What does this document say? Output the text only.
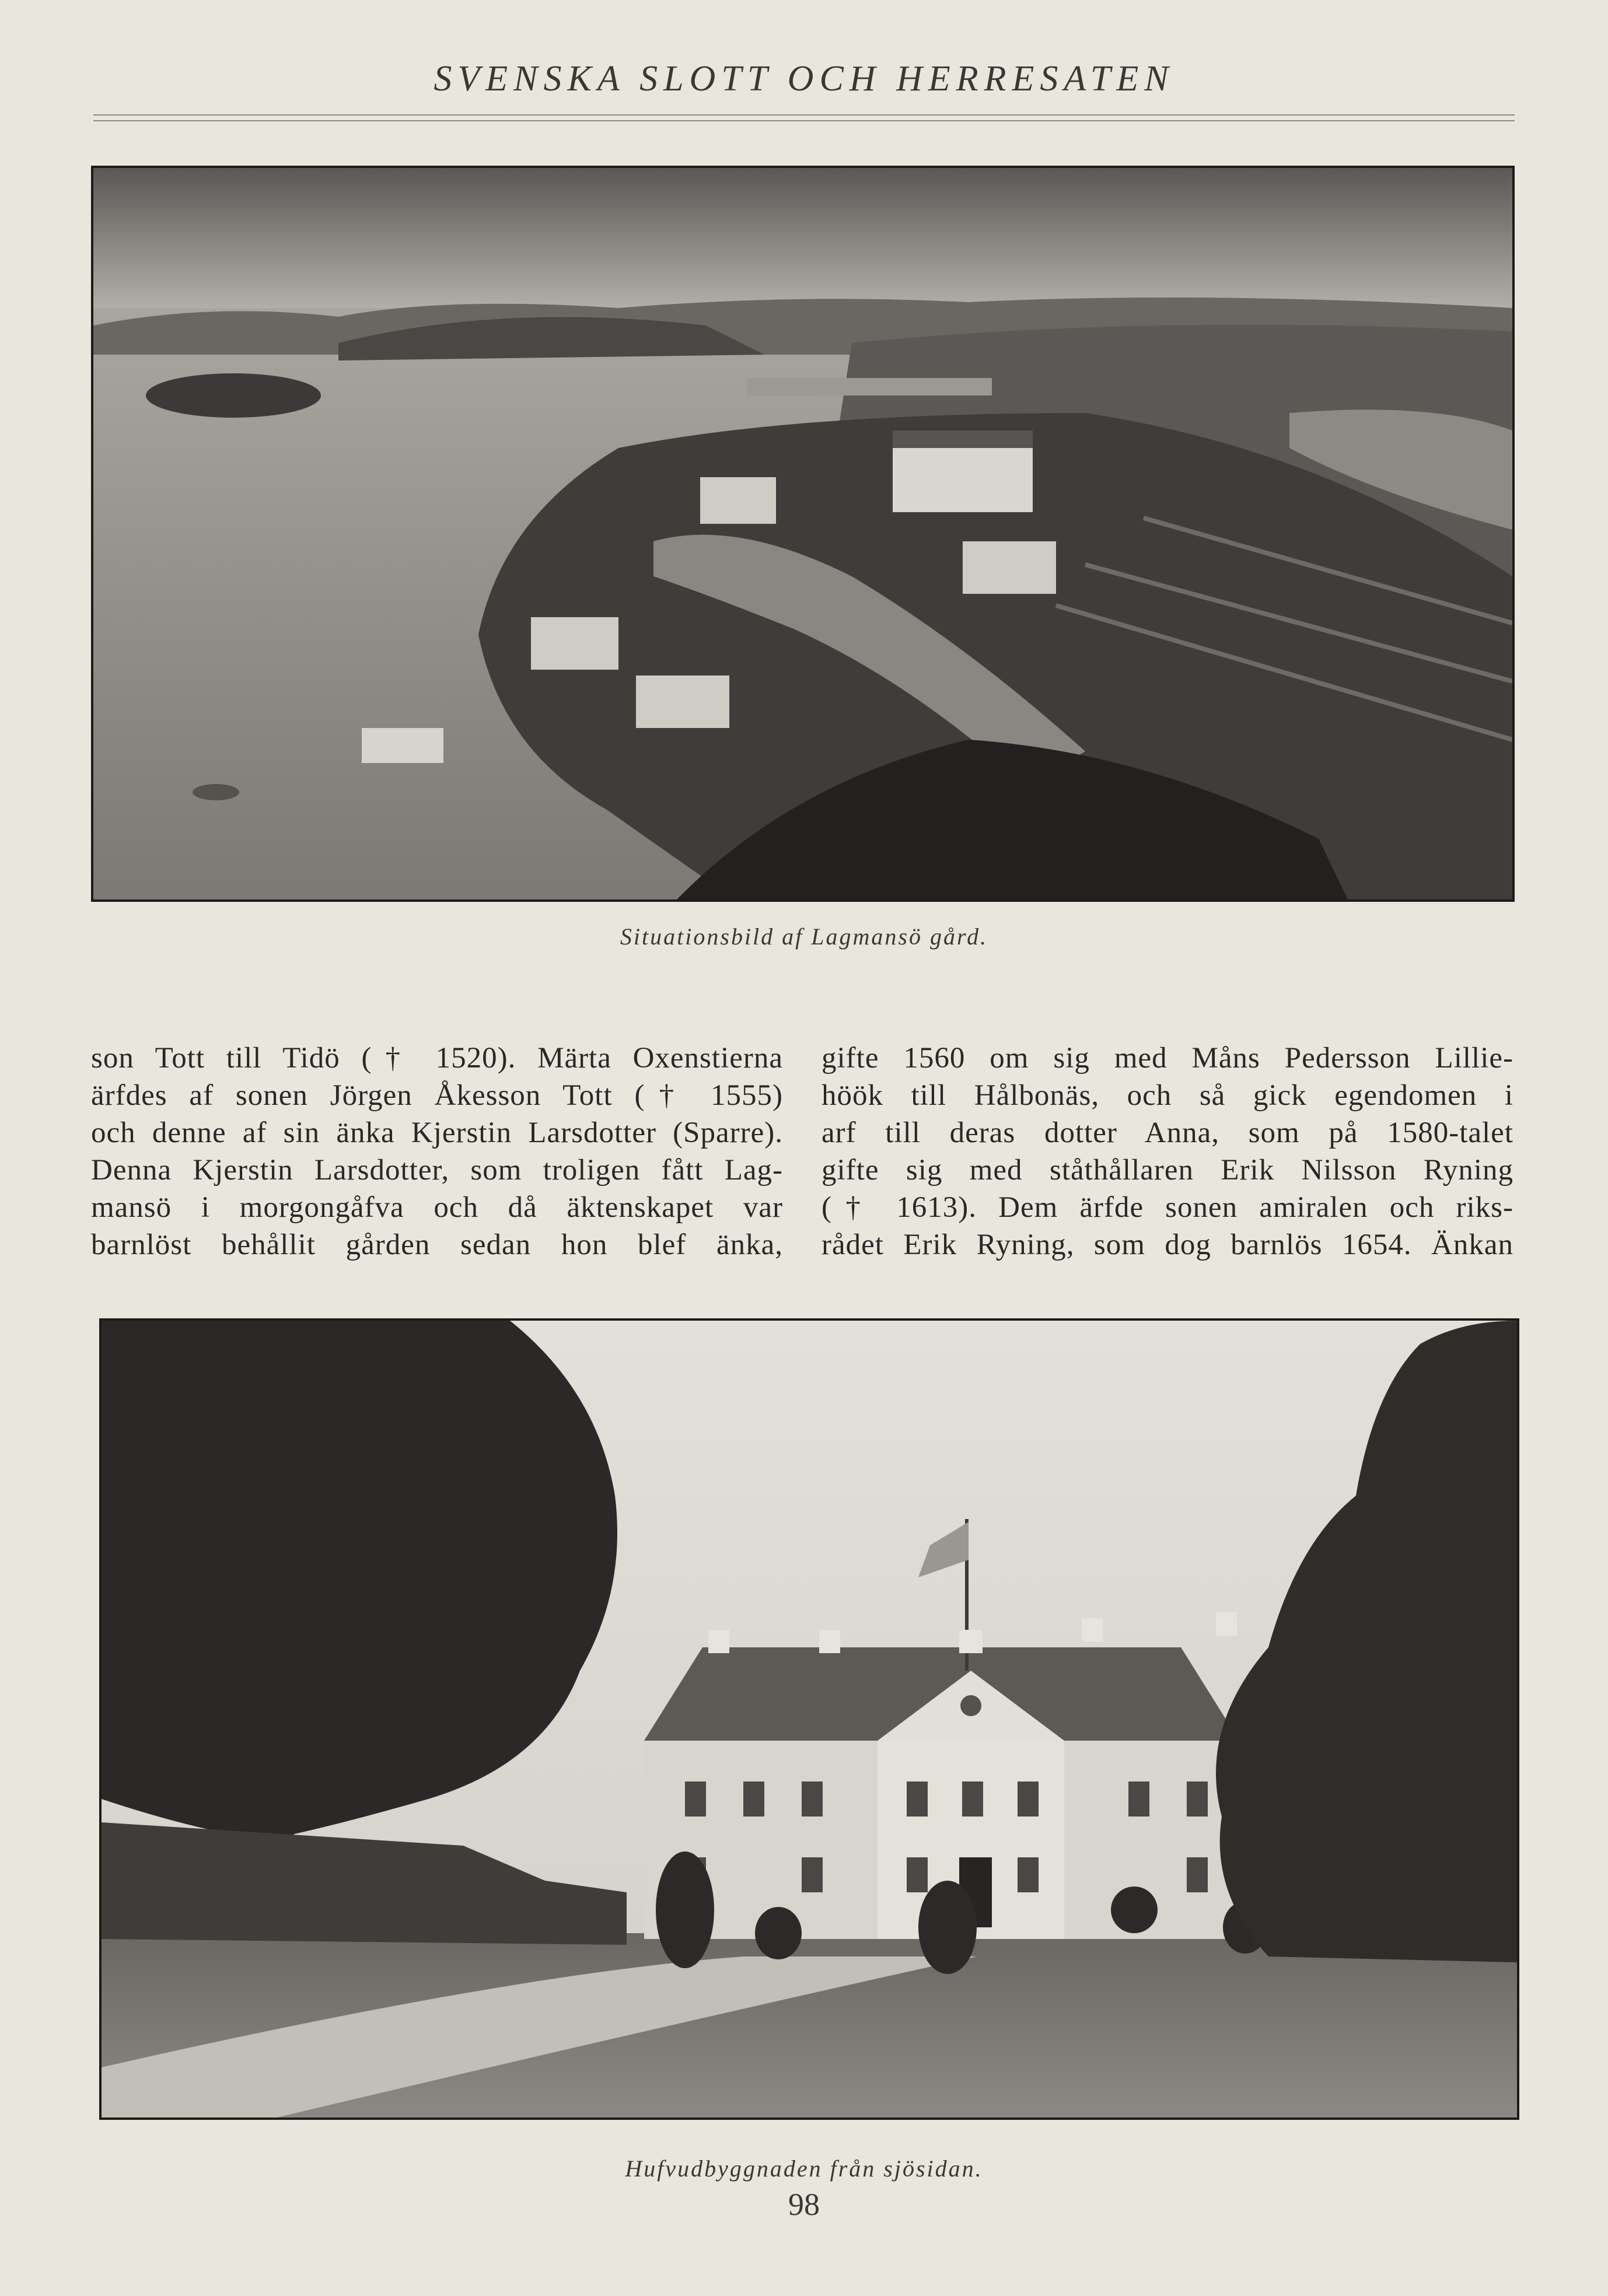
SVENSKA SLOTT OCH HERRESATEN
Situationsbild af Lagmansö gård.
son Tott till Tidö († 1520). Märta Oxenstierna
ärfdes af sonen Jörgen Åkesson Tott († 1555)
och denne af sin änka Kjerstin Larsdotter (Sparre).
Denna Kjerstin Larsdotter, som troligen fått Lag-
mansö i morgongåfva och då äktenskapet var
barnlöst behållit gården sedan hon blef änka,
gifte 1560 om sig med Måns Pedersson Lillie-
höök till Hålbonäs, och så gick egendomen i
arf till deras dotter Anna, som på 1580-talet
gifte sig med ståthållaren Erik Nilsson Ryning
(† 1613). Dem ärfde sonen amiralen och riks-
rådet Erik Ryning, som dog barnlös 1654. Änkan
Hufvudbyggnaden från sjösidan.
98
